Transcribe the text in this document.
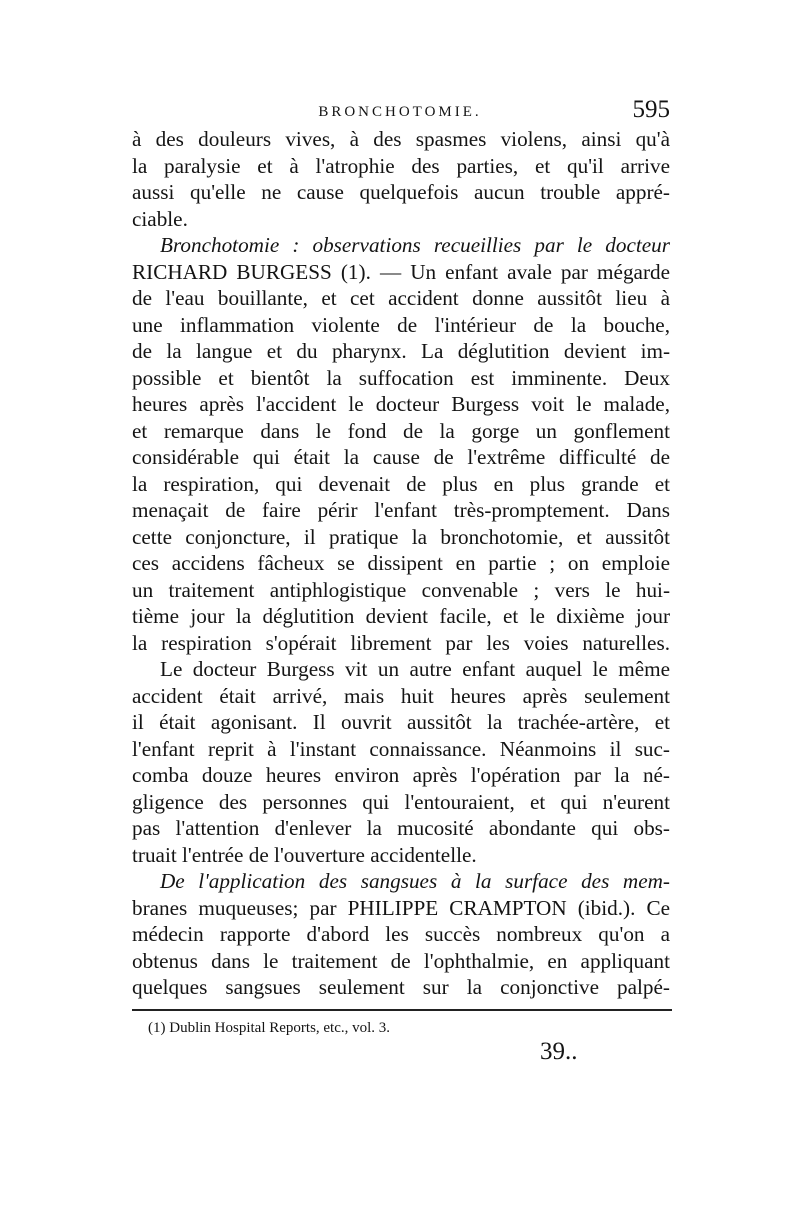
BRONCHOTOMIE.	595
à des douleurs vives, à des spasmes violens, ainsi qu'à
la paralysie et à l'atrophie des parties, et qu'il arrive
aussi qu'elle ne cause quelquefois aucun trouble appré-
ciable.
Bronchotomie : observations recueillies par le docteur
RICHARD BURGESS (1). — Un enfant avale par mégarde
de l'eau bouillante, et cet accident donne aussitôt lieu à
une inflammation violente de l'intérieur de la bouche,
de la langue et du pharynx. La déglutition devient im-
possible et bientôt la suffocation est imminente. Deux
heures après l'accident le docteur Burgess voit le malade,
et remarque dans le fond de la gorge un gonflement
considérable qui était la cause de l'extrême difficulté de
la respiration, qui devenait de plus en plus grande et
menaçait de faire périr l'enfant très-promptement. Dans
cette conjoncture, il pratique la bronchotomie, et aussitôt
ces accidens fâcheux se dissipent en partie ; on emploie
un traitement antiphlogistique convenable ; vers le hui-
tième jour la déglutition devient facile, et le dixième jour
la respiration s'opérait librement par les voies naturelles.
Le docteur Burgess vit un autre enfant auquel le même
accident était arrivé, mais huit heures après seulement
il était agonisant. Il ouvrit aussitôt la trachée-artère, et
l'enfant reprit à l'instant connaissance. Néanmoins il suc-
comba douze heures environ après l'opération par la né-
gligence des personnes qui l'entouraient, et qui n'eurent
pas l'attention d'enlever la mucosité abondante qui obs-
truait l'entrée de l'ouverture accidentelle.
De l'application des sangsues à la surface des mem-
branes muqueuses; par PHILIPPE CRAMPTON (ibid.). Ce
médecin rapporte d'abord les succès nombreux qu'on a
obtenus dans le traitement de l'ophthalmie, en appliquant
quelques sangsues seulement sur la conjonctive palpé-
(1) Dublin Hospital Reports, etc., vol. 3.
39..
